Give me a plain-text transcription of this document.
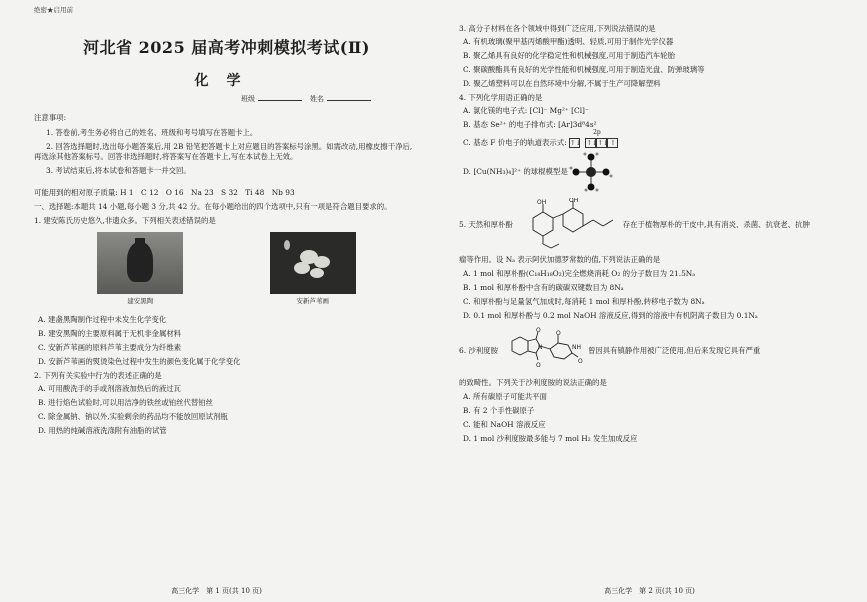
绝密★启用前
河北省 2025 届高考冲刺模拟考试(Ⅱ)
化学
班级	姓名
注意事项:
1. 答卷前,考生务必将自己的姓名、班级和考号填写在答题卡上。
2. 回答选择题时,选出每小题答案后,用 2B 铅笔把答题卡上对应题目的答案标号涂黑。如需改动,用橡皮擦干净后,再选涂其他答案标号。回答非选择题时,将答案写在答题卡上,写在本试卷上无效。
3. 考试结束后,将本试卷和答题卡一并交回。
可能用到的相对原子质量: H 1　C 12　O 16　Na 23　S 32　Ti 48　Nb 93
一、选择题:本题共 14 小题,每小题 3 分,共 42 分。在每小题给出的四个选项中,只有一项是符合题目要求的。
1. 建安陈氏历史悠久,非遗众多。下列相关表述错误的是
建安黑陶	安新芦苇画
A. 建盏黑陶制作过程中未发生化学变化
B. 建安黑陶的主要原料属于无机非金属材料
C. 安新芦苇画的原料芦苇主要成分为纤维素
D. 安新芦苇画的熨烫染色过程中发生的颜色变化属于化学变化
2. 下列有关实验中行为的表述正确的是
A. 可用酸洗手的手或剂溶液加热后的液过瓦
B. 进行焰色试验时,可以用洁净的铁丝或铂丝代替铂丝
C. 除金属钠、钠以外,实验剩余的药品均不能放回原试剂瓶
D. 用热的纯碱溶液洗涤附有油脂的试管
高三化学　第 1 页(共 10 页)
3. 高分子材料在各个领域中得到广泛应用,下列说法错误的是
A. 有机玻璃(聚甲基丙烯酸甲酯)透明、轻质,可用于制作光学仪器
B. 聚乙烯具有良好的化学稳定性和机械强度,可用于制造汽车轮胎
C. 聚碳酸酯具有良好的光学性能和机械强度,可用于制造光盘、防弹玻璃等
D. 聚乙烯塑料可以在自然环境中分解,不属于生产可降解塑料
4. 下列化学用语正确的是
A. 氯化镁的电子式: [Cl]⁻ Mg²⁺ [Cl]⁻
B. 基态 Se²⁺ 的电子排布式: [Ar]3d⁸4s²
C. 基态 F 价电子的轨道表示式:
2p
↑↓ ↑↓↑↓ ↑
D. [Cu(NH₃)₄]²⁺ 的球棍模型是
5. 天然和厚朴酚
OH	OH
存在于植物厚朴的干皮中,具有消炎、杀菌、抗衰老、抗肿
瘤等作用。设 Nₐ 表示阿伏加德罗常数的值,下列说法正确的是
A. 1 mol 和厚朴酚(C₁₈H₁₈O₂)完全燃烧消耗 O₂ 的分子数目为 21.5Nₐ
B. 1 mol 和厚朴酚中含有的碳碳双键数目为 8Nₐ
C. 和厚朴酚与足量氢气加成时,每消耗 1 mol 和厚朴酚,转移电子数为 8Nₐ
D. 0.1 mol 和厚朴酚与 0.2 mol NaOH 溶液反应,得到的溶液中有机阴离子数目为 0.1Nₐ
6. 沙利度胺
O
O
N
O
NH
O
曾因具有镇静作用被广泛使用,但后来发现它具有严重
的致畸性。下列关于沙利度胺的说法正确的是
A. 所有碳原子可能共平面
B. 有 2 个手性碳原子
C. 能和 NaOH 溶液反应
D. 1 mol 沙利度胺最多能与 7 mol H₂ 发生加成反应
高三化学　第 2 页(共 10 页)
